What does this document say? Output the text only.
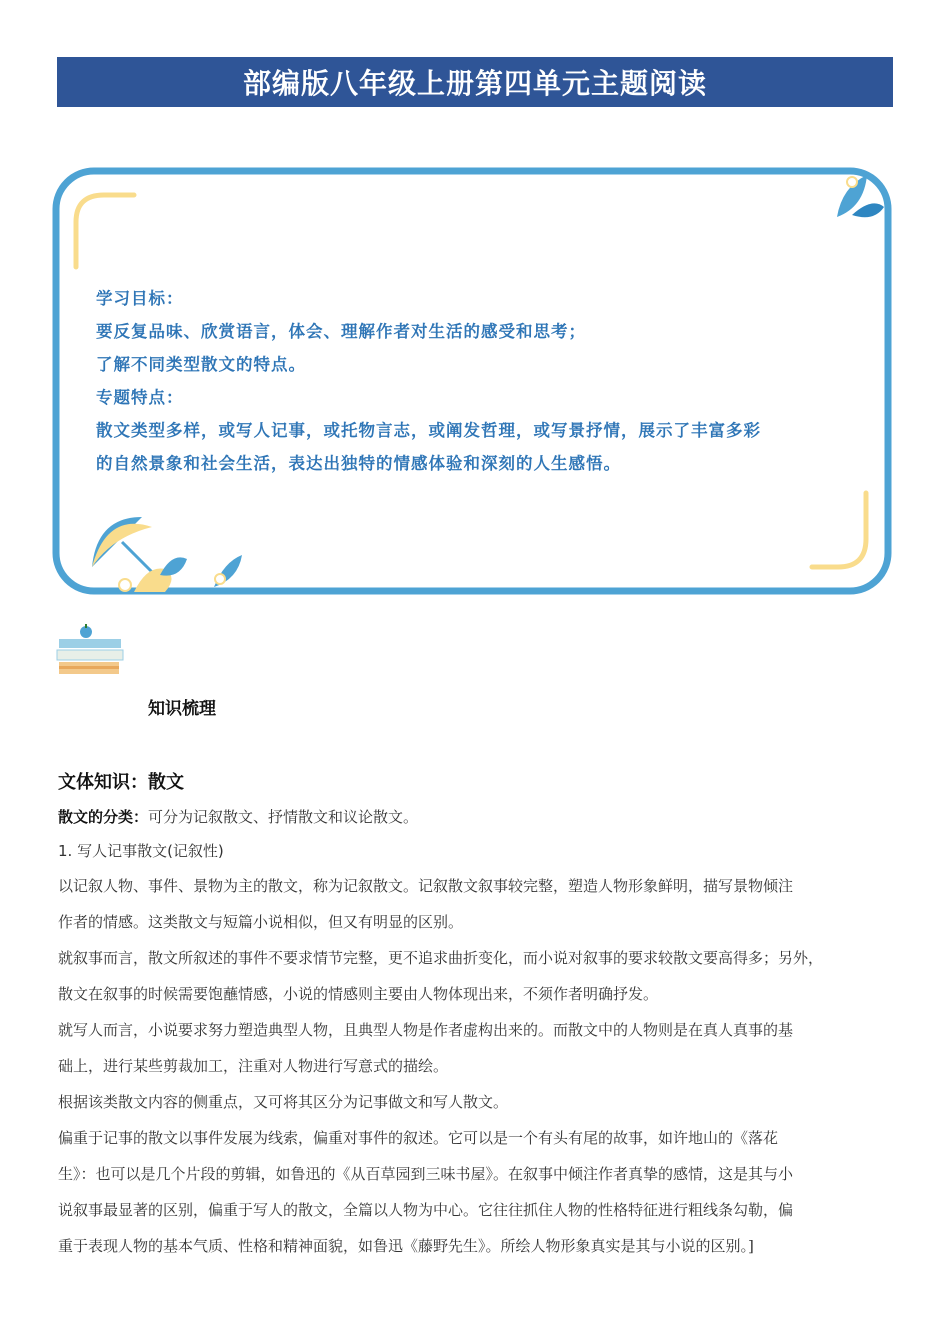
部编版八年级上册第四单元主题阅读
学习目标：
要反复品味、欣赏语言，体会、理解作者对生活的感受和思考；
了解不同类型散文的特点。
专题特点：
散文类型多样，或写人记事，或托物言志，或阐发哲理，或写景抒情，展示了丰富多彩
的自然景象和社会生活，表达出独特的情感体验和深刻的人生感悟。
知识梳理
文体知识：散文
散文的分类：可分为记叙散文、抒情散文和议论散文。
1. 写人记事散文(记叙性)
以记叙人物、事件、景物为主的散文，称为记叙散文。记叙散文叙事较完整，塑造人物形象鲜明，描写景物倾注
作者的情感。这类散文与短篇小说相似，但又有明显的区别。
就叙事而言，散文所叙述的事件不要求情节完整，更不追求曲折变化，而小说对叙事的要求较散文要高得多；另外，
散文在叙事的时候需要饱蘸情感，小说的情感则主要由人物体现出来，不须作者明确抒发。
就写人而言，小说要求努力塑造典型人物，且典型人物是作者虚构出来的。而散文中的人物则是在真人真事的基
础上，进行某些剪裁加工，注重对人物进行写意式的描绘。
根据该类散文内容的侧重点，又可将其区分为记事做文和写人散文。
偏重于记事的散文以事件发展为线索，偏重对事件的叙述。它可以是一个有头有尾的故事，如许地山的《落花
生》：也可以是几个片段的剪辑，如鲁迅的《从百草园到三味书屋》。在叙事中倾注作者真挚的感情，这是其与小
说叙事最显著的区别，偏重于写人的散文，全篇以人物为中心。它往往抓住人物的性格特征进行粗线条勾勒，偏
重于表现人物的基本气质、性格和精神面貌，如鲁迅《藤野先生》。所绘人物形象真实是其与小说的区别。]
